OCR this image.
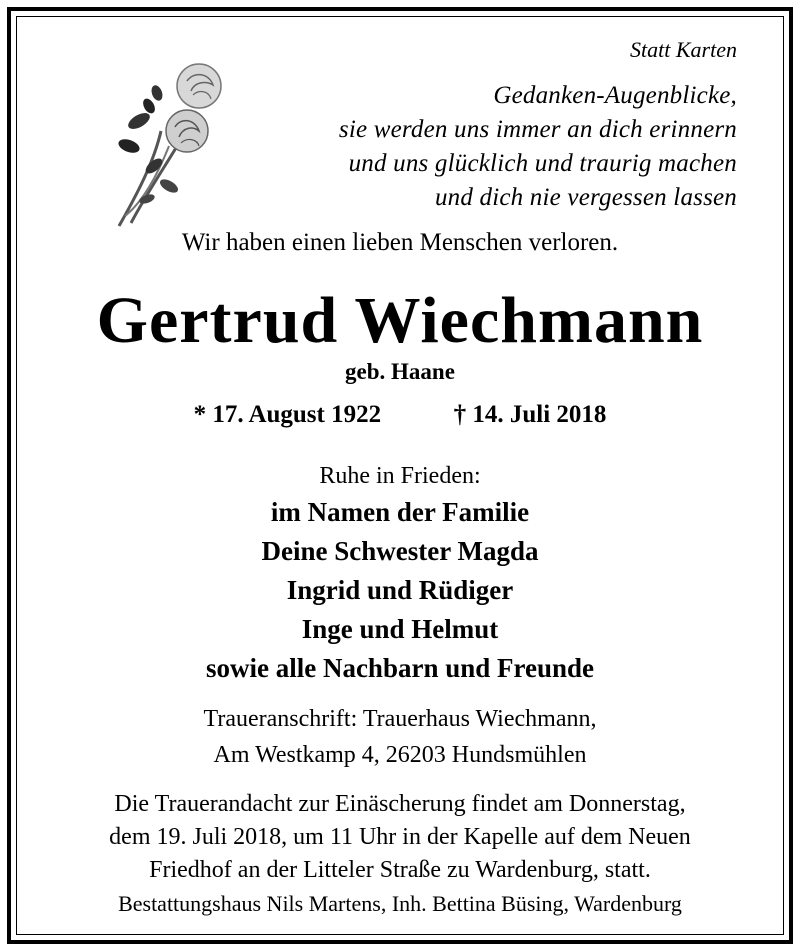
Statt Karten
Gedanken-Augenblicke,
sie werden uns immer an dich erinnern
und uns glücklich und traurig machen
und dich nie vergessen lassen
Wir haben einen lieben Menschen verloren.
Gertrud Wiechmann
geb. Haane
* 17. August 1922	† 14. Juli 2018
Ruhe in Frieden:
im Namen der Familie
Deine Schwester Magda
Ingrid und Rüdiger
Inge und Helmut
sowie alle Nachbarn und Freunde
Traueranschrift: Trauerhaus Wiechmann,
Am Westkamp 4, 26203 Hundsmühlen
Die Trauerandacht zur Einäscherung findet am Donnerstag,
dem 19. Juli 2018, um 11 Uhr in der Kapelle auf dem Neuen
Friedhof an der Litteler Straße zu Wardenburg, statt.
Bestattungshaus Nils Martens, Inh. Bettina Büsing, Wardenburg
